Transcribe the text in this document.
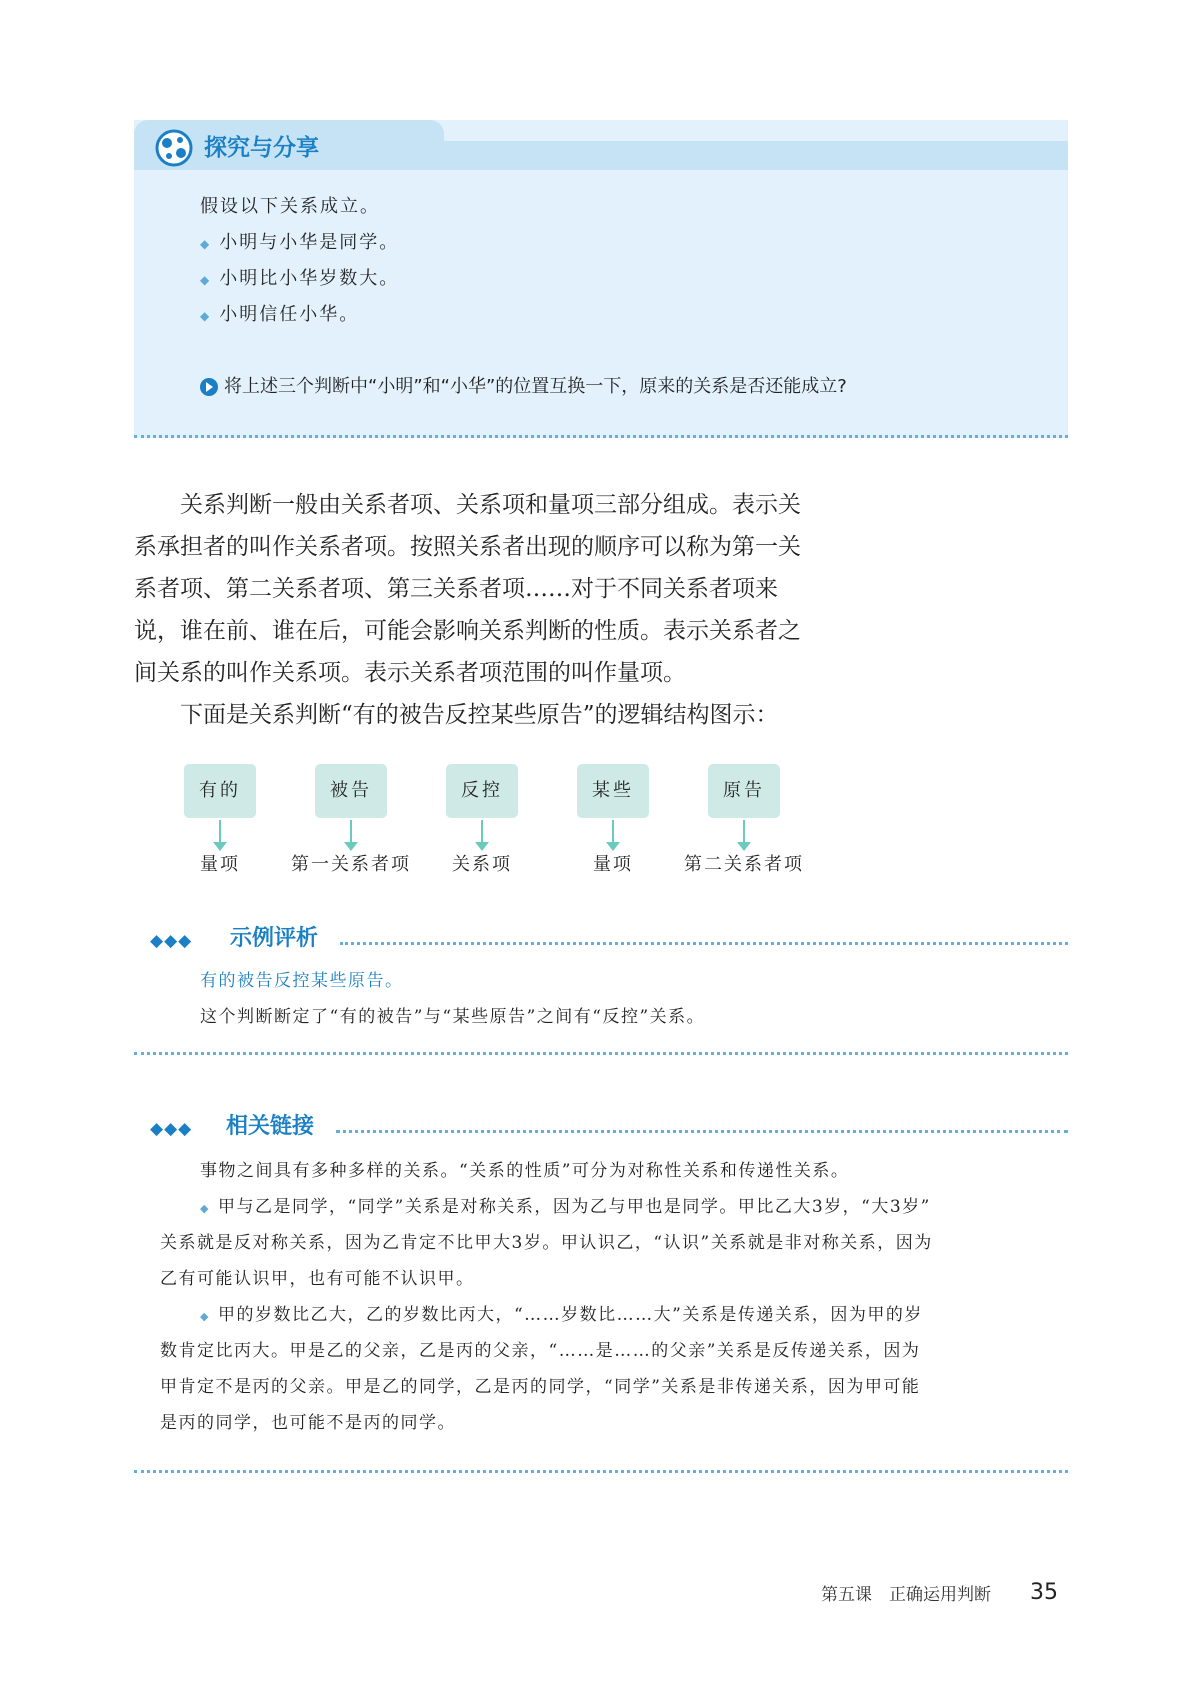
探究与分享
假设以下关系成立。
◆ 小明与小华是同学。
◆ 小明比小华岁数大。
◆ 小明信任小华。
将上述三个判断中“小明”和“小华”的位置互换一下，原来的关系是否还能成立?
关系判断一般由关系者项、关系项和量项三部分组成。表示关
系承担者的叫作关系者项。按照关系者出现的顺序可以称为第一关
系者项、第二关系者项、第三关系者项……对于不同关系者项来
说，谁在前、谁在后，可能会影响关系判断的性质。表示关系者之
间关系的叫作关系项。表示关系者项范围的叫作量项。
下面是关系判断“有的被告反控某些原告”的逻辑结构图示：
有的
量项
被告
第一关系者项
反控
关系项
某些
量项
原告
第二关系者项
◆◆◆ 示例评析
有的被告反控某些原告。
这个判断断定了“有的被告”与“某些原告”之间有“反控”关系。
◆◆◆ 相关链接
事物之间具有多种多样的关系。“关系的性质”可分为对称性关系和传递性关系。
◆ 甲与乙是同学，“同学”关系是对称关系，因为乙与甲也是同学。甲比乙大3岁，“大3岁”
关系就是反对称关系，因为乙肯定不比甲大3岁。甲认识乙，“认识”关系就是非对称关系，因为
乙有可能认识甲，也有可能不认识甲。
◆ 甲的岁数比乙大，乙的岁数比丙大，“……岁数比……大”关系是传递关系，因为甲的岁
数肯定比丙大。甲是乙的父亲，乙是丙的父亲，“……是……的父亲”关系是反传递关系，因为
甲肯定不是丙的父亲。甲是乙的同学，乙是丙的同学，“同学”关系是非传递关系，因为甲可能
是丙的同学，也可能不是丙的同学。
第五课　正确运用判断 35
